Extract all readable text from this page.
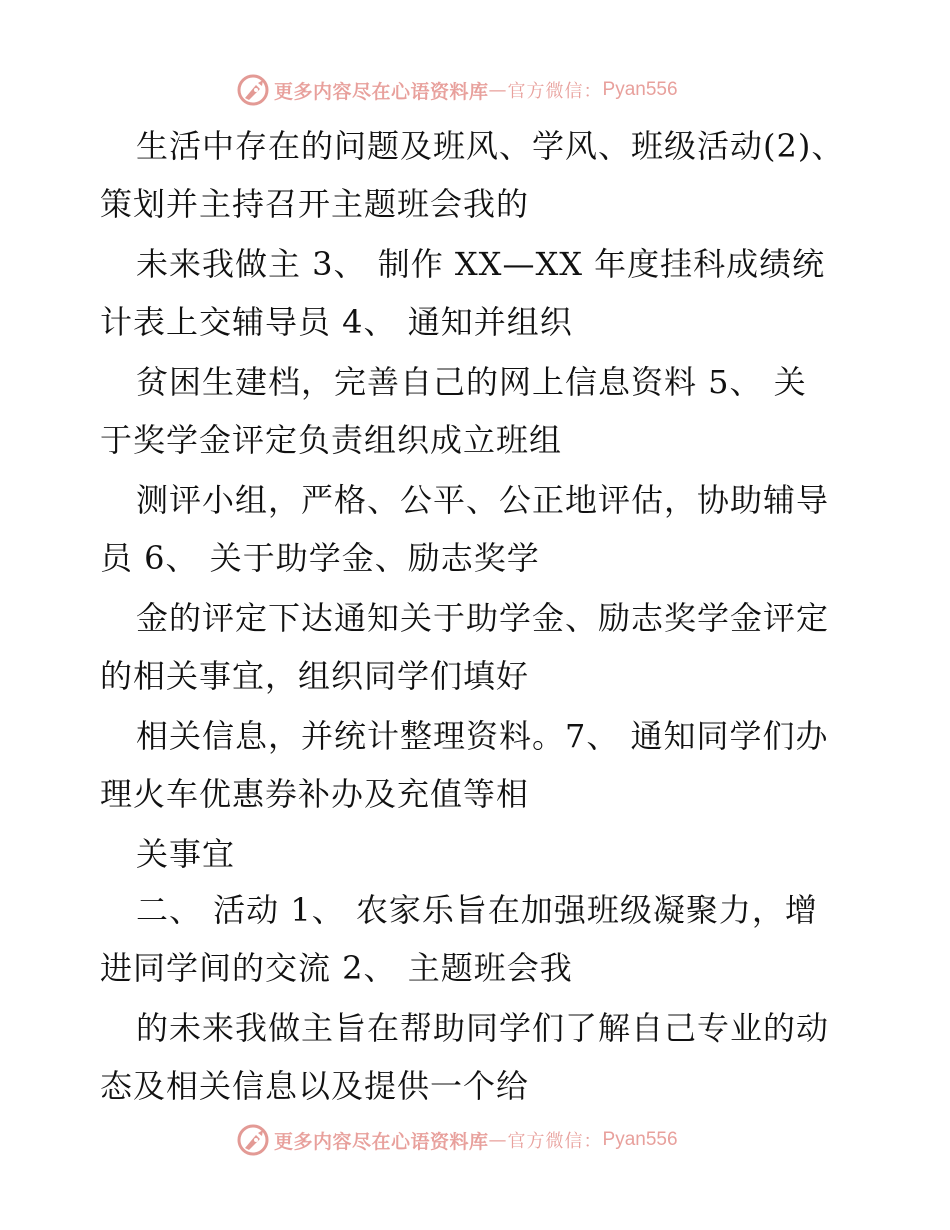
更多内容尽在心语资料库 — 官方微信： Pyan556
生活中存在的问题及班风、学风、班级活动(2)、
策划并主持召开主题班会我的
未来我做主 3、 制作 XX—XX 年度挂科成绩统
计表上交辅导员 4、 通知并组织
贫困生建档，完善自己的网上信息资料 5、 关
于奖学金评定负责组织成立班组
测评小组，严格、公平、公正地评估，协助辅导
员 6、 关于助学金、励志奖学
金的评定下达通知关于助学金、励志奖学金评定
的相关事宜，组织同学们填好
相关信息，并统计整理资料。7、 通知同学们办
理火车优惠券补办及充值等相
关事宜
二、 活动 1、 农家乐旨在加强班级凝聚力，增
进同学间的交流 2、 主题班会我
的未来我做主旨在帮助同学们了解自己专业的动
态及相关信息以及提供一个给
更多内容尽在心语资料库 — 官方微信： Pyan556
